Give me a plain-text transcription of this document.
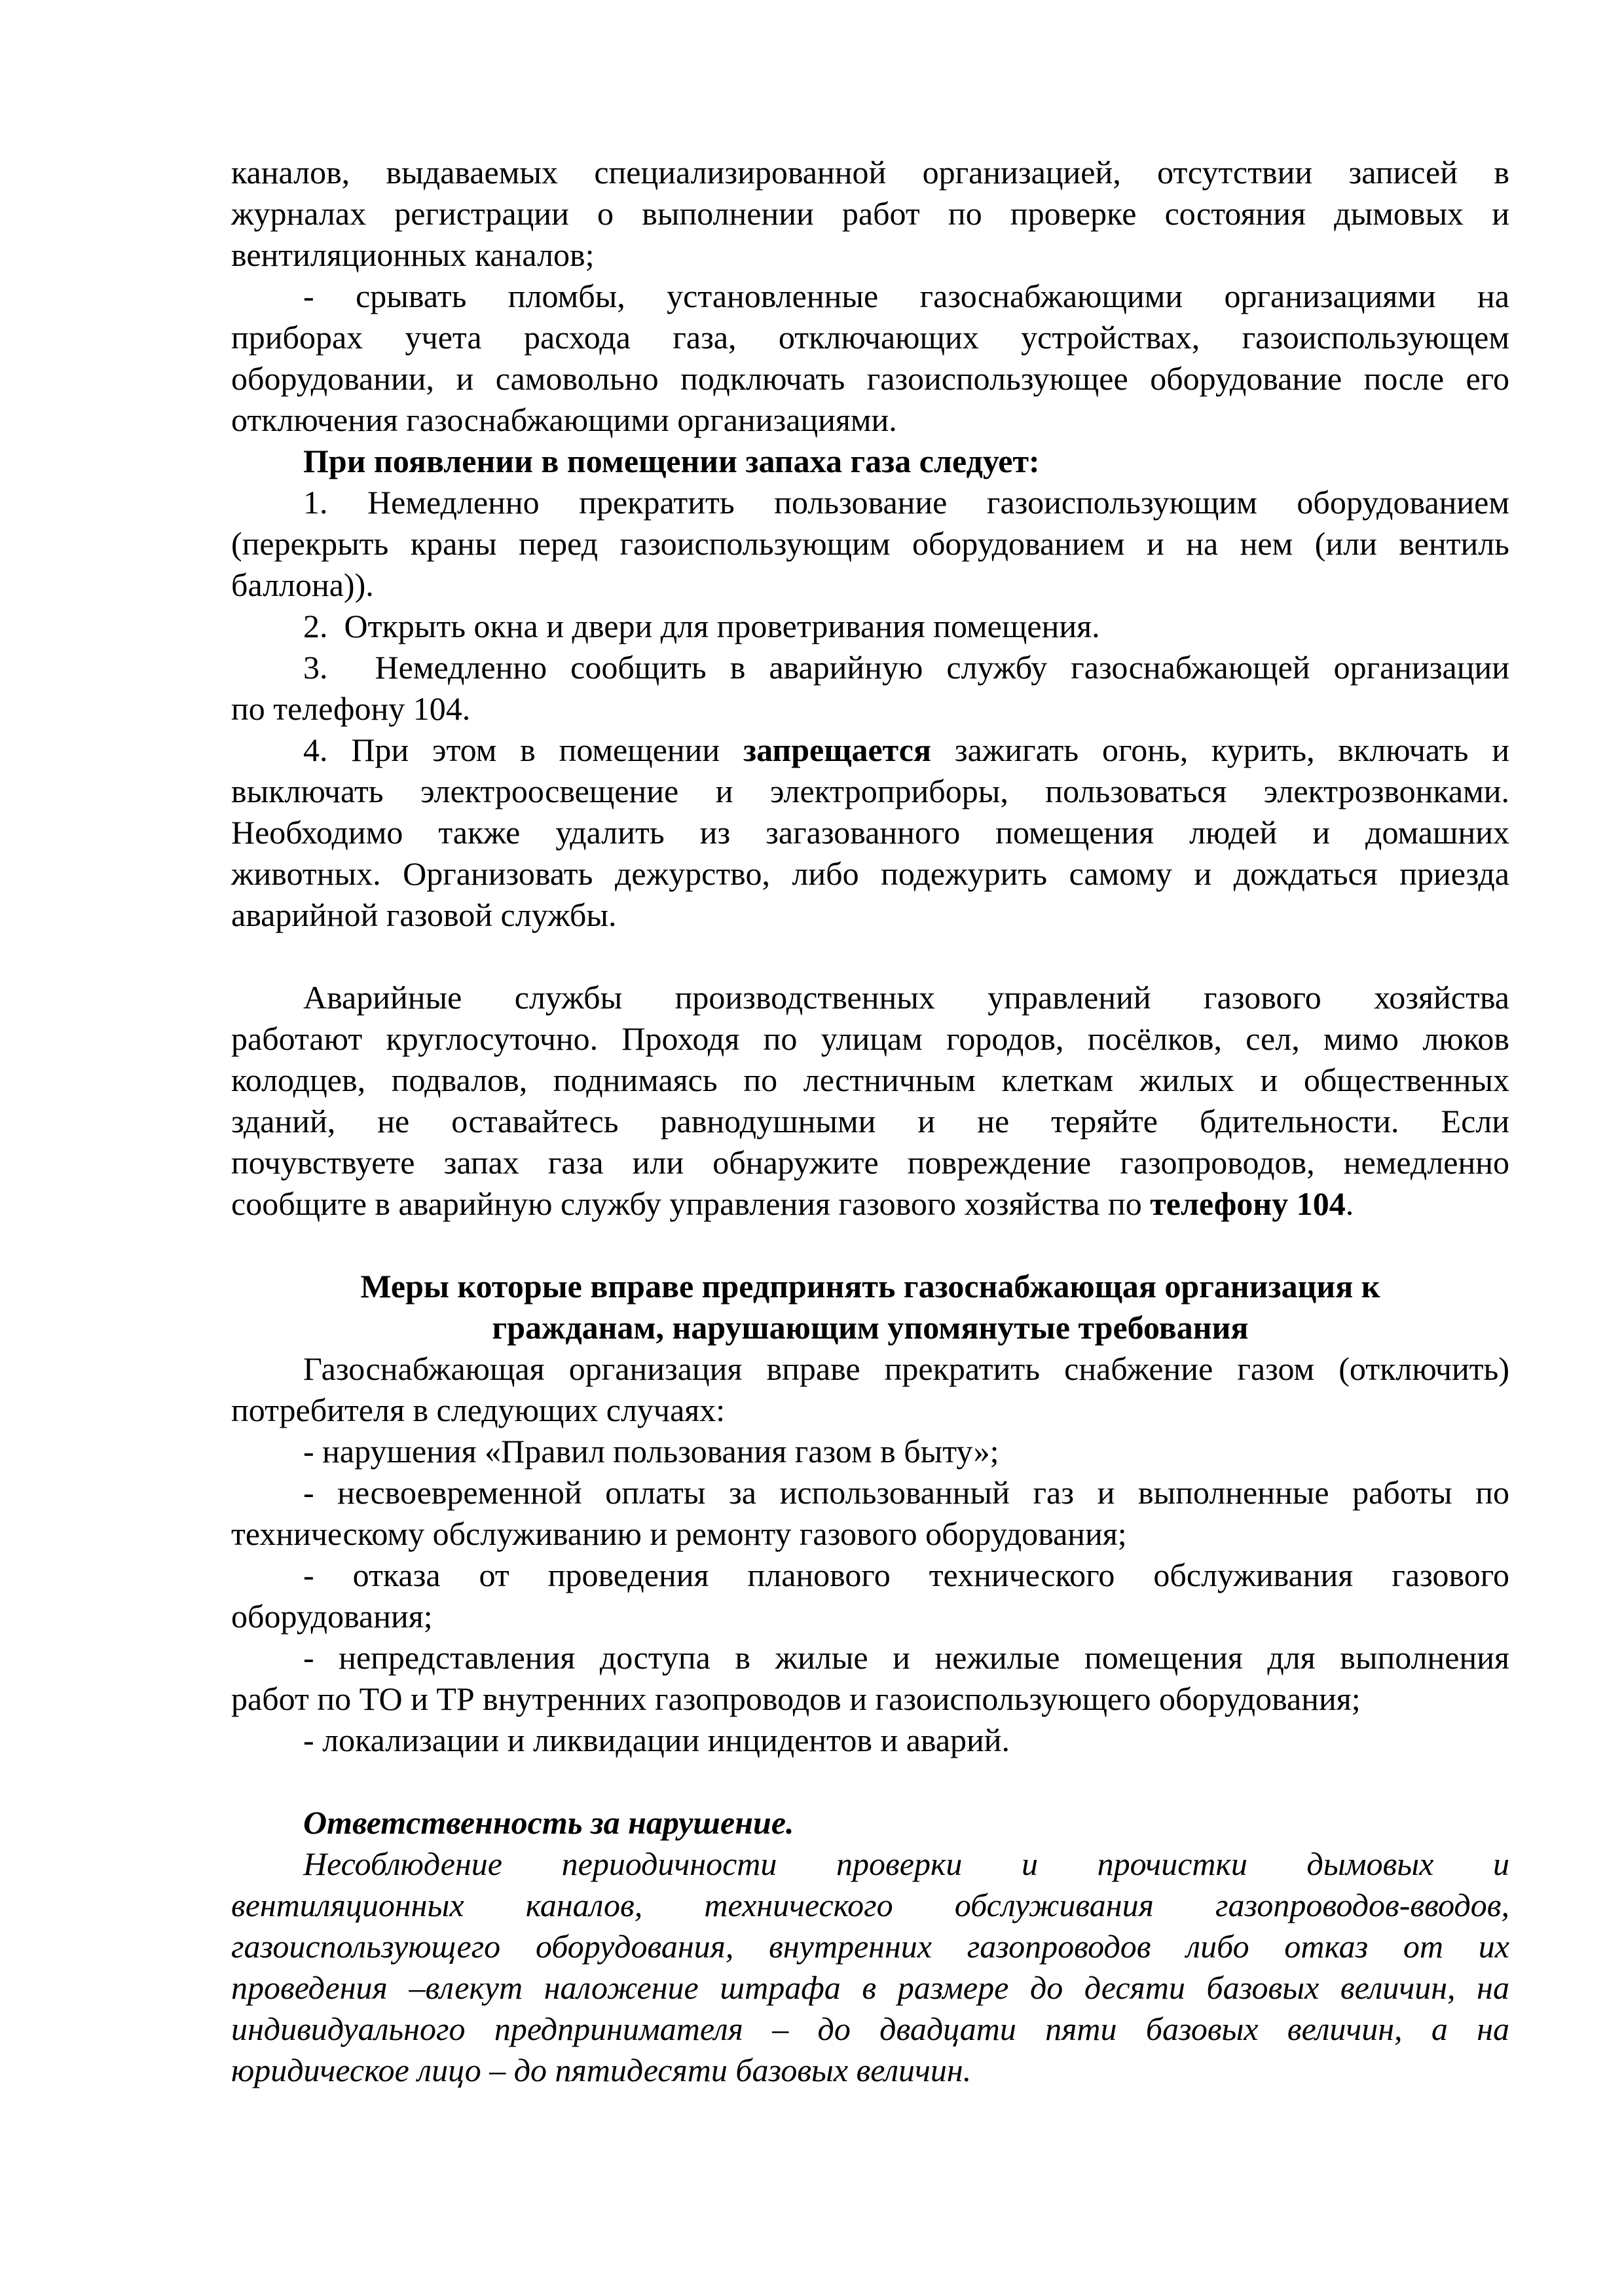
каналов, выдаваемых специализированной организацией, отсутствии записей в
журналах регистрации о выполнении работ по проверке состояния дымовых и
вентиляционных каналов;
- срывать пломбы, установленные газоснабжающими организациями на
приборах учета расхода газа, отключающих устройствах, газоиспользующем
оборудовании, и самовольно подключать газоиспользующее оборудование после его
отключения газоснабжающими организациями.
При появлении в помещении запаха газа следует:
1. Немедленно прекратить пользование газоиспользующим оборудованием
(перекрыть краны перед газоиспользующим оборудованием и на нем (или вентиль
баллона)).
2.  Открыть окна и двери для проветривания помещения.
3.  Немедленно сообщить в аварийную службу газоснабжающей организации
по телефону 104.
4. При этом в помещении запрещается зажигать огонь, курить, включать и
выключать электроосвещение и электроприборы, пользоваться электрозвонками.
Необходимо также удалить из загазованного помещения людей и домашних
животных. Организовать дежурство, либо подежурить самому и дождаться приезда
аварийной газовой службы.
Аварийные службы производственных управлений газового хозяйства
работают круглосуточно. Проходя по улицам городов, посёлков, сел, мимо люков
колодцев, подвалов, поднимаясь по лестничным клеткам жилых и общественных
зданий, не оставайтесь равнодушными и не теряйте бдительности. Если
почувствуете запах газа или обнаружите повреждение газопроводов, немедленно
сообщите в аварийную службу управления газового хозяйства по телефону 104.
Меры которые вправе предпринять газоснабжающая организация к
гражданам, нарушающим упомянутые требования
Газоснабжающая организация вправе прекратить снабжение газом (отключить)
потребителя в следующих случаях:
- нарушения «Правил пользования газом в быту»;
- несвоевременной оплаты за использованный газ и выполненные работы по
техническому обслуживанию и ремонту газового оборудования;
- отказа от проведения планового технического обслуживания газового
оборудования;
- непредставления доступа в жилые и нежилые помещения для выполнения
работ по ТО и ТР внутренних газопроводов и газоиспользующего оборудования;
- локализации и ликвидации инцидентов и аварий.
Ответственность за нарушение.
Несоблюдение периодичности проверки и прочистки дымовых и
вентиляционных каналов, технического обслуживания газопроводов-вводов,
газоиспользующего оборудования, внутренних газопроводов либо отказ от их
проведения –влекут наложение штрафа в размере до десяти базовых величин, на
индивидуального предпринимателя – до двадцати пяти базовых величин, а на
юридическое лицо – до пятидесяти базовых величин.
